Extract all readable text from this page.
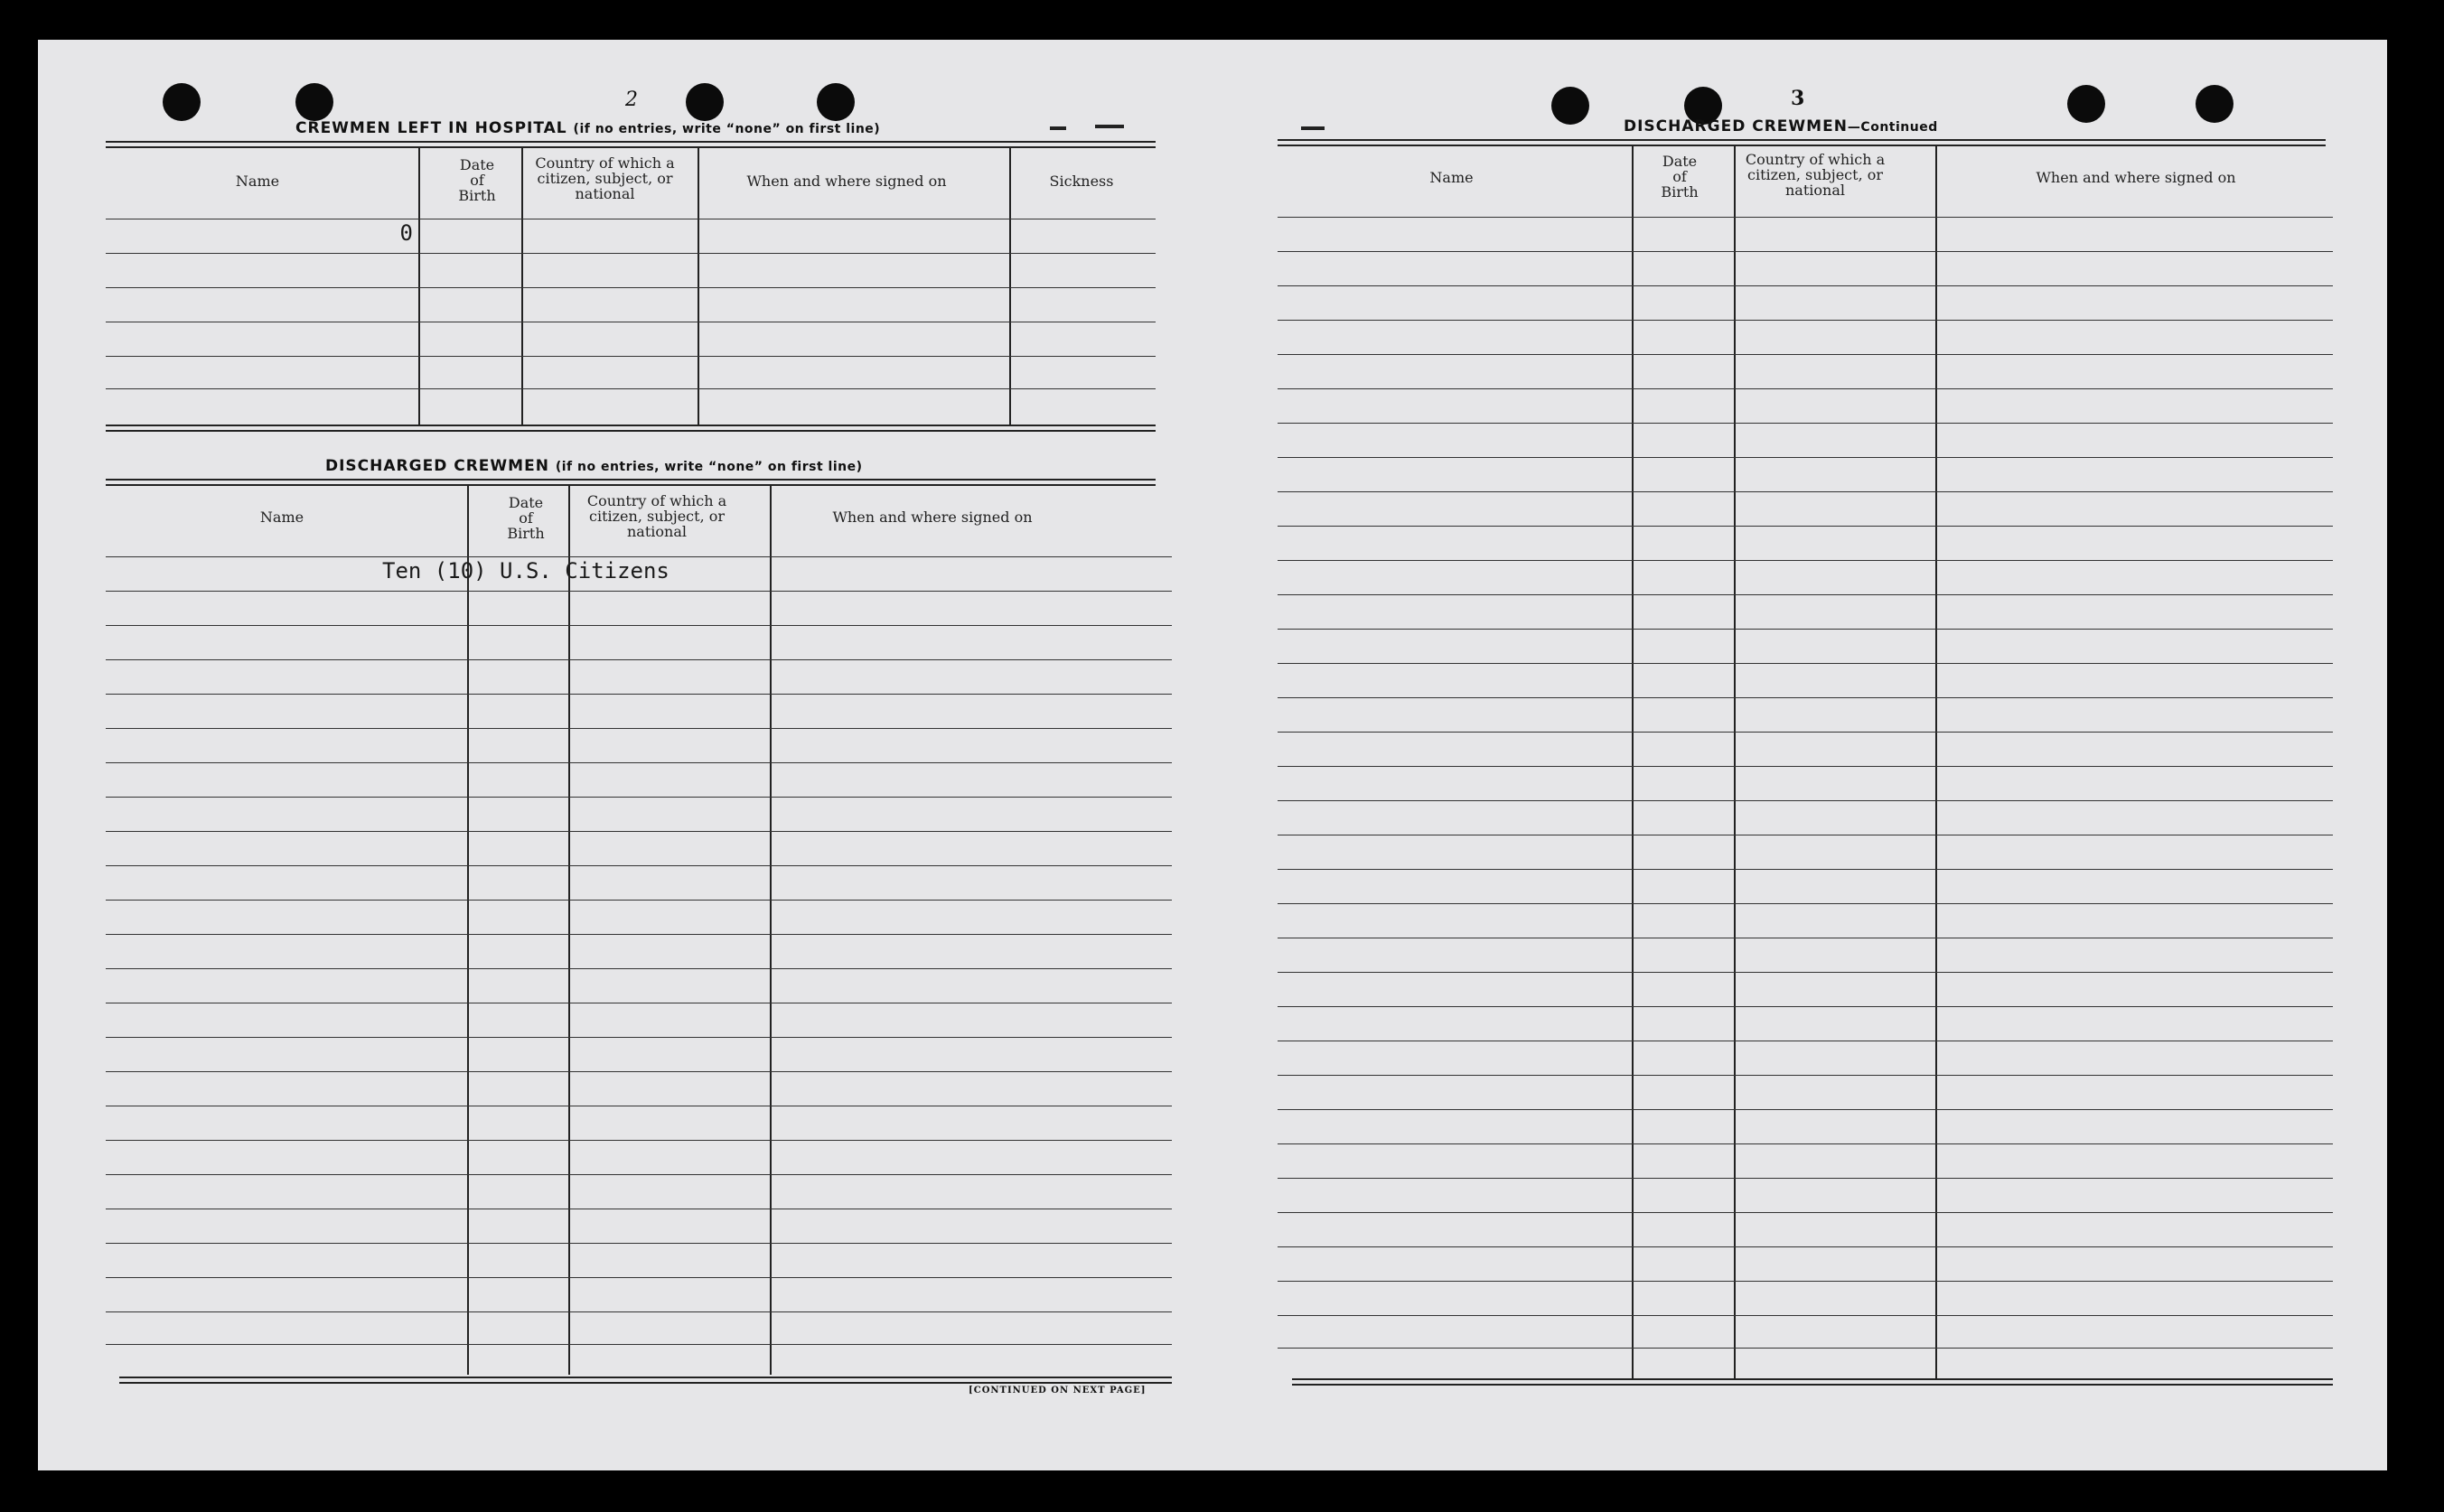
2
CREWMEN LEFT IN HOSPITAL (if no entries, write “none” on first line)
Name
Date of Birth
Country of which a citizen, subject, or national
When and where signed on	Sickness
0
DISCHARGED CREWMEN (if no entries, write “none” on first line)
Name
Date of Birth
Country of which a citizen, subject, or national
When and where signed on
Ten (10) U.S. Citizens
[CONTINUED ON NEXT PAGE]
3
DISCHARGED CREWMEN—Continued
Name
Date of Birth
Country of which a citizen, subject, or national
When and where signed on
